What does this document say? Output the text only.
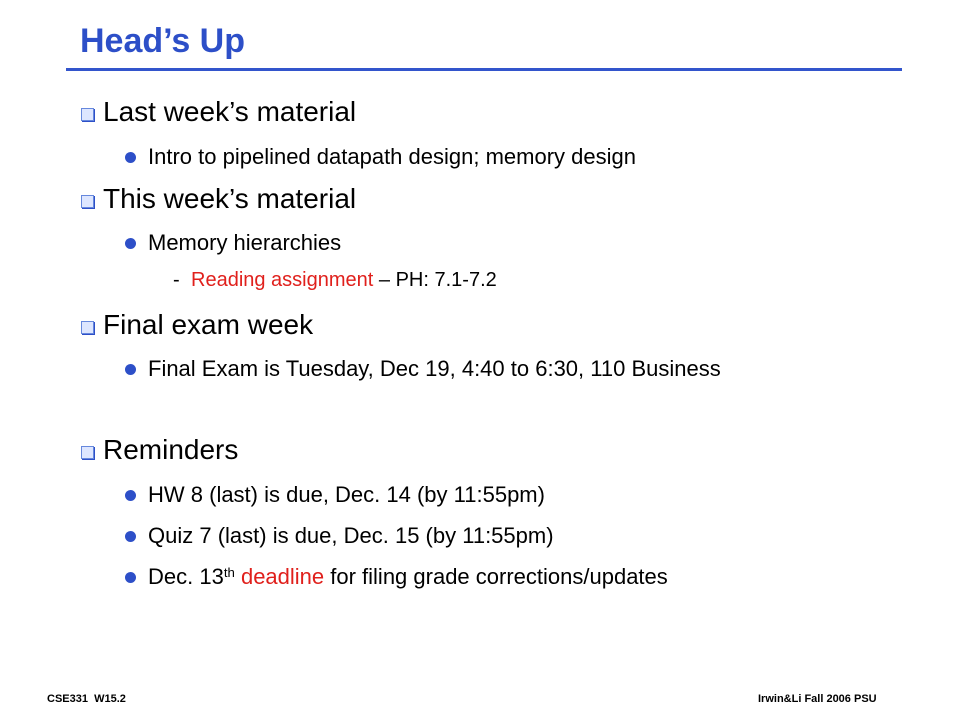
Head’s Up
Last week’s material
Intro to pipelined datapath design; memory design
This week’s material
Memory hierarchies
- Reading assignment – PH: 7.1-7.2
Final exam week
Final Exam is Tuesday, Dec 19, 4:40 to 6:30, 110 Business
Reminders
HW 8 (last) is due, Dec. 14 (by 11:55pm)
Quiz 7 (last) is due, Dec. 15 (by 11:55pm)
Dec. 13th deadline for filing grade corrections/updates
CSE331  W15.2	Irwin&Li Fall 2006 PSU
